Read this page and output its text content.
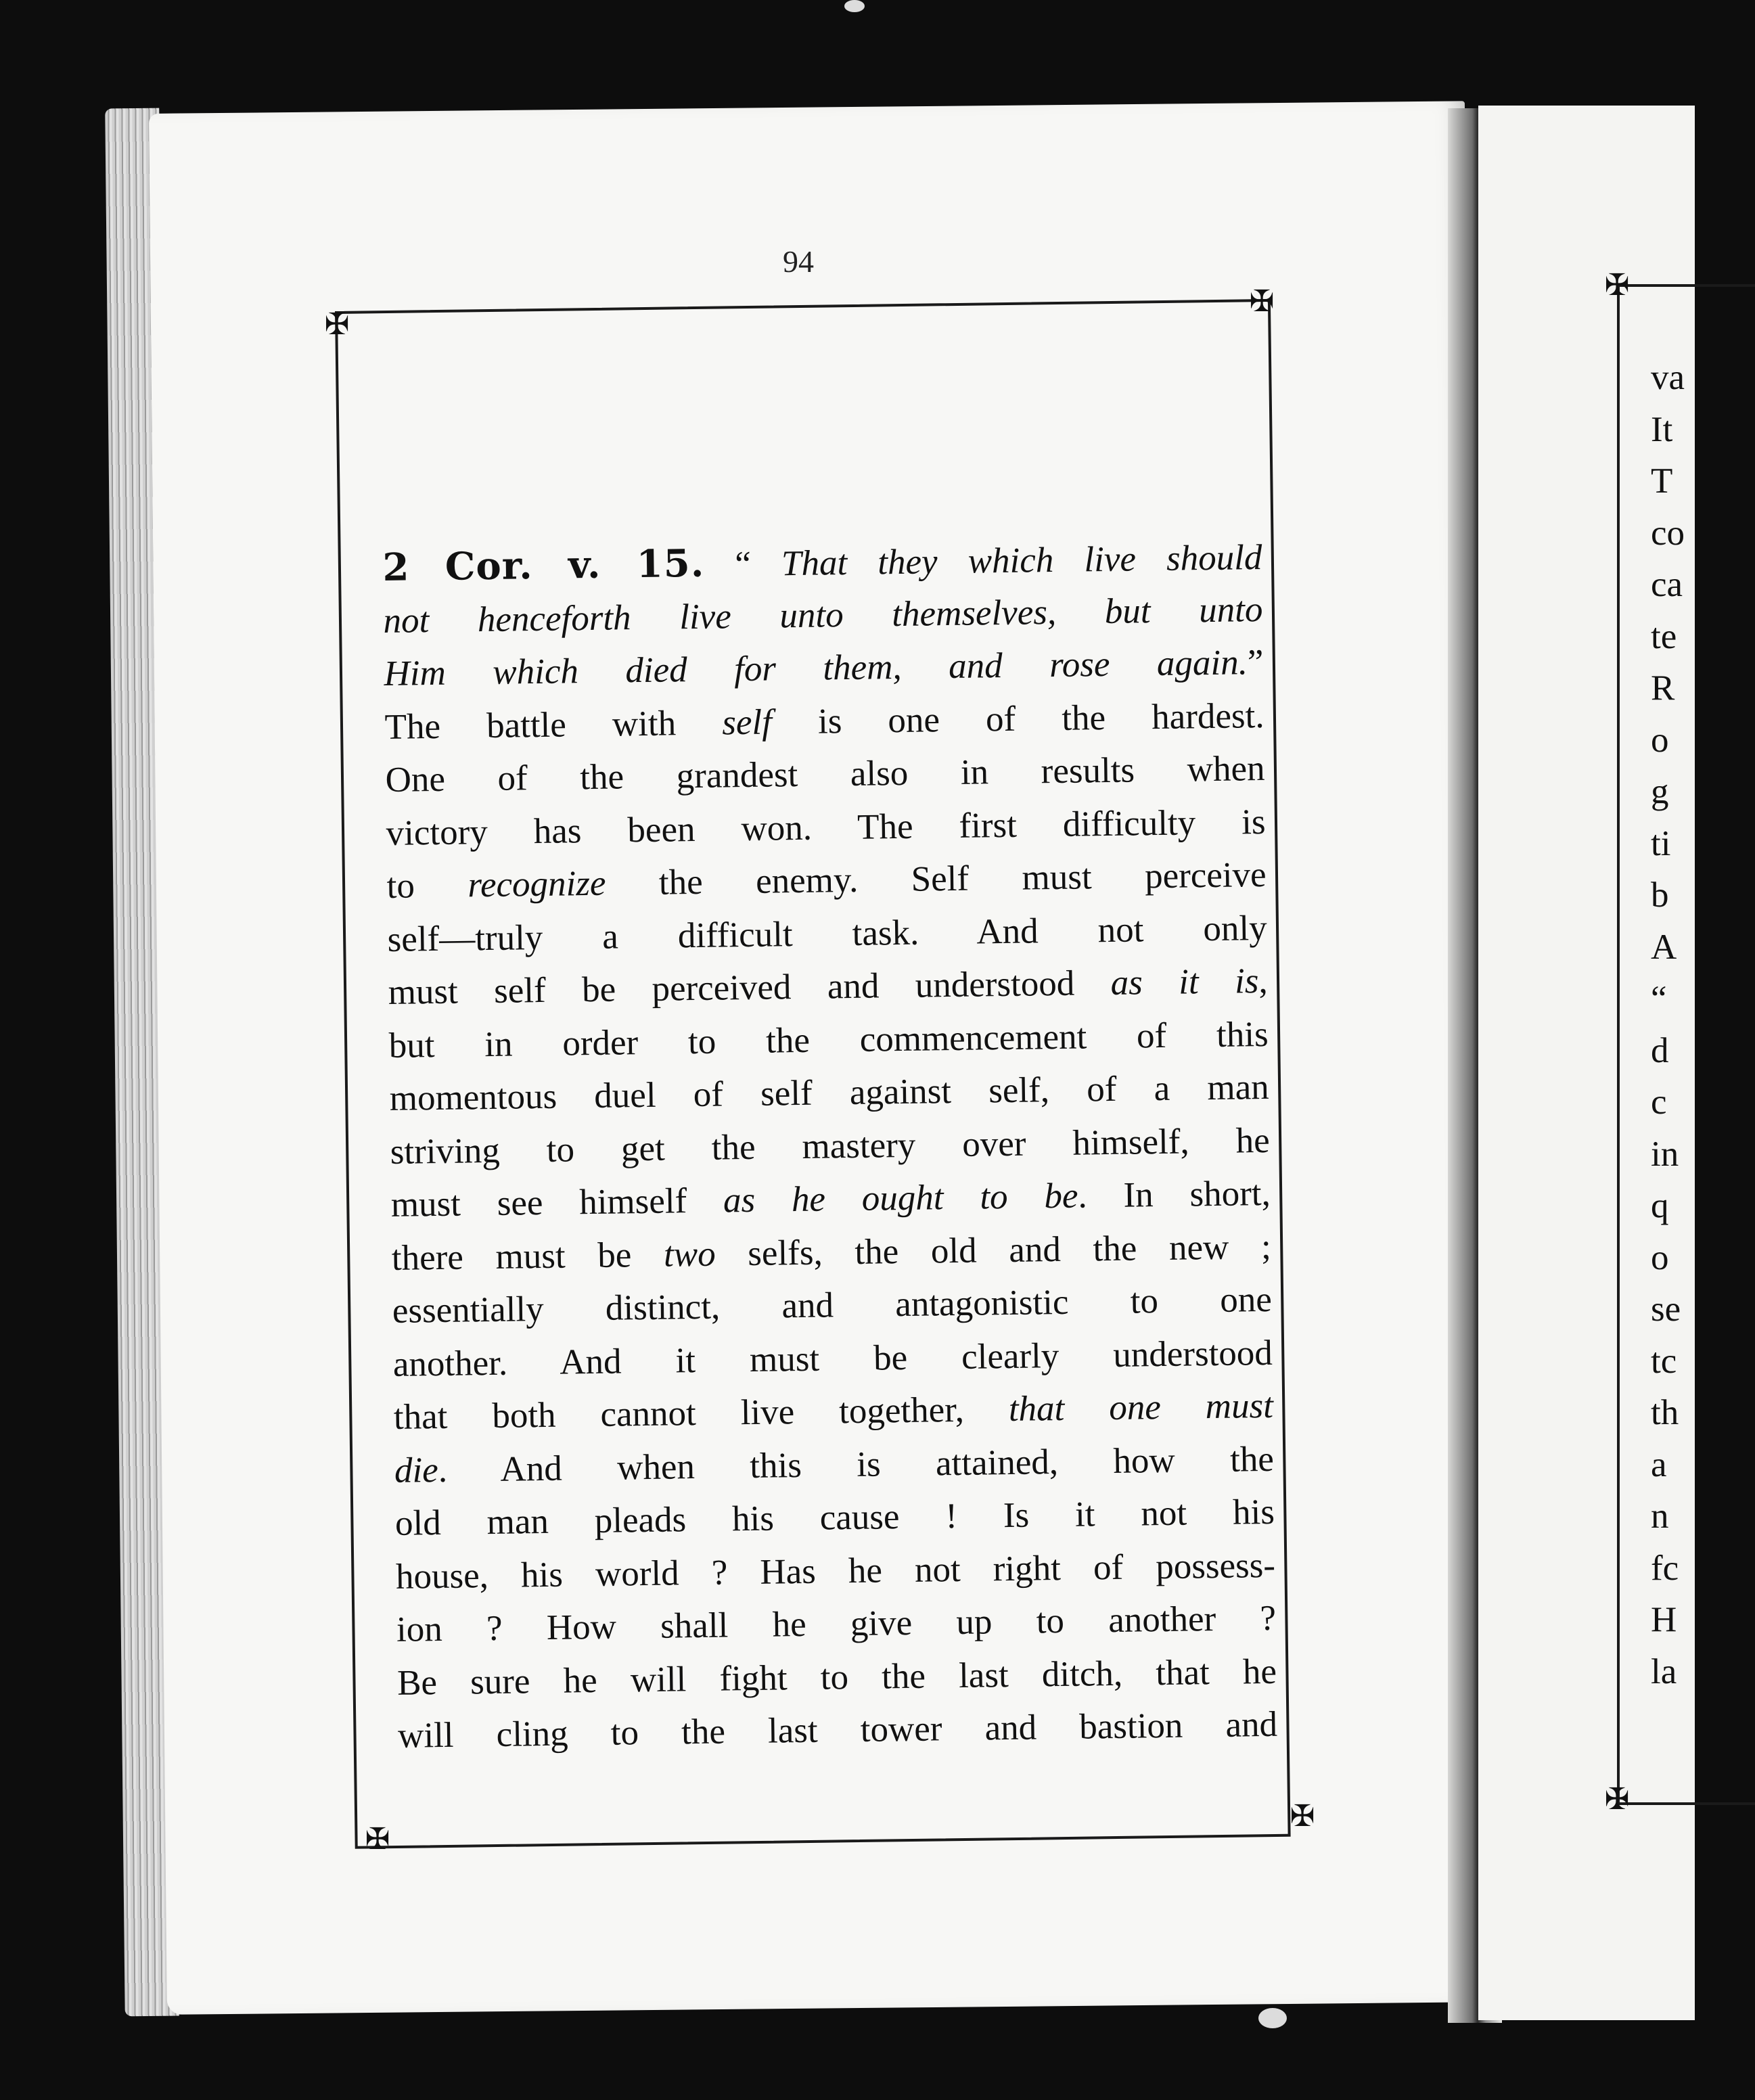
94
✠
✠
✠
✠
2 Cor. v. 15. “ That they which live should
not henceforth live unto themselves, but unto
Him which died for them, and rose again.”
The battle with self is one of the hardest.
One of the grandest also in results when
victory has been won. The first difficulty is
to recognize the enemy. Self must perceive
self—truly a difficult task. And not only
must self be perceived and understood as it is,
but in order to the commencement of this
momentous duel of self against self, of a man
striving to get the mastery over himself, he
must see himself as he ought to be. In short,
there must be two selfs, the old and the new ;
essentially distinct, and antagonistic to one
another. And it must be clearly understood
that both cannot live together, that one must
die. And when this is attained, how the
old man pleads his cause ! Is it not his
house, his world ? Has he not right of possess-
ion ? How shall he give up to another ?
Be sure he will fight to the last ditch, that he
will cling to the last tower and bastion and
✠
✠
va
It
T
co
ca
te
R
o
g
ti
b
A
“
d
c
in
q
o
se
tc
th
a
n
fc
H
la
